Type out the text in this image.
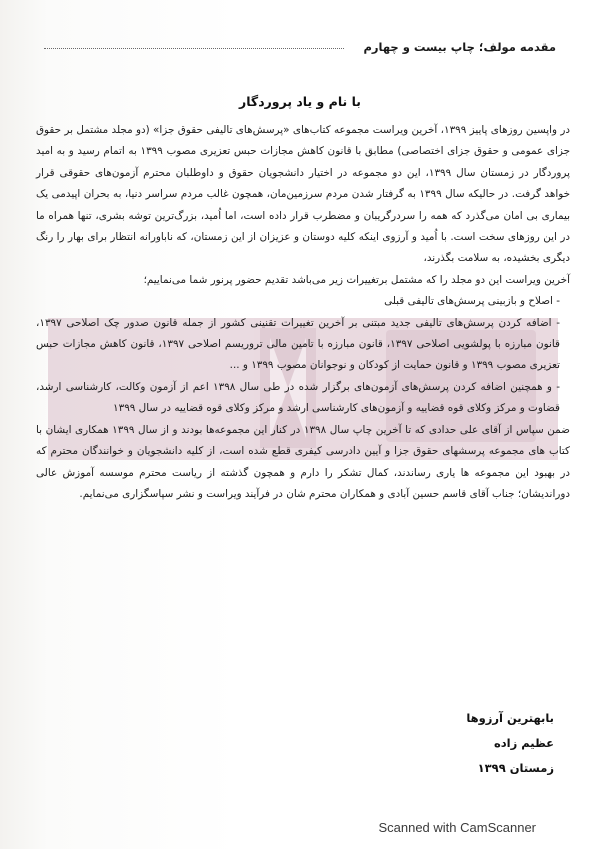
مقدمه مولف؛ چاپ بیست و چهارم
با نام و یاد پروردگار

در واپسین روزهای پاییز ۱۳۹۹، آخرین ویراست مجموعه کتاب‌های «پرسش‌های تالیفی حقوق جزا» (دو مجلد مشتمل بر حقوق جزای عمومی و حقوق جزای اختصاصی) مطابق با قانون کاهش مجازات حبس تعزیری مصوب ۱۳۹۹ به اتمام رسید و به امید پروردگار در زمستان سال ۱۳۹۹، این دو مجموعه در اختیار دانشجویان حقوق و داوطلبان محترم آزمون‌های حقوقی قرار خواهد گرفت. در حالیکه سال ۱۳۹۹ به گرفتار شدن مردم سرزمین‌مان، همچون غالب مردم سراسر دنیا، به بحران اپیدمی یک بیماری بی امان می‌گذرد که همه را سردرگریبان و مضطرب قرار داده است، اما اُمید، بزرگ‌ترین توشه بشری، تنها همراه ما در این روزهای سخت است. با اُمید و آرزوی اینکه کلیه دوستان و عزیزان از این زمستان، که ناباورانه انتظار برای بهار را رنگ دیگری بخشیده، به سلامت بگذرند،

آخرین ویراست این دو مجلد را که مشتمل برتغییرات زیر می‌باشد تقدیم حضور پرنور شما می‌نماییم؛

- اصلاح و بازبینی پرسش‌های تالیفی قبلی
- اضافه کردن پرسش‌های تالیفی جدید مبتنی بر آخرین تغییرات تقنینی کشور از جمله قانون صدور چک اصلاحی ۱۳۹۷، قانون مبارزه با پولشویی اصلاحی ۱۳۹۷، قانون مبارزه با تامین مالی تروریسم اصلاحی ۱۳۹۷، قانون کاهش مجازات حبس تعزیری مصوب ۱۳۹۹ و قانون حمایت از کودکان و نوجوانان مصوب ۱۳۹۹ و ...
- و همچنین اضافه کردن پرسش‌های آزمون‌های برگزار شده در طی سال ۱۳۹۸ اعم از آزمون وکالت، کارشناسی ارشد، قضاوت و مرکز وکلای قوه قضاییه و آزمون‌های کارشناسی ارشد و مرکز وکلای قوه قضاییه در سال ۱۳۹۹

ضمن سپاس از آقای علی حدادی که تا آخرین چاپ سال ۱۳۹۸ در کنار این مجموعه‌ها بودند و از سال ۱۳۹۹ همکاری ایشان با کتاب های مجموعه پرسشهای حقوق جزا و آیین دادرسی کیفری قطع شده است، از کلیه دانشجویان و خوانندگان محترم که در بهبود این مجموعه ها یاری رساندند، کمال تشکر را دارم و همچون گذشته از ریاست محترم موسسه آموزش عالی دوراندیشان؛ جناب آقای قاسم حسین آبادی و همکاران محترم شان در فرآیند ویراست و نشر سپاسگزاری می‌نمایم.

بابهترین آرزوها
عظیم زاده
زمستان ۱۳۹۹
Scanned with CamScanner
